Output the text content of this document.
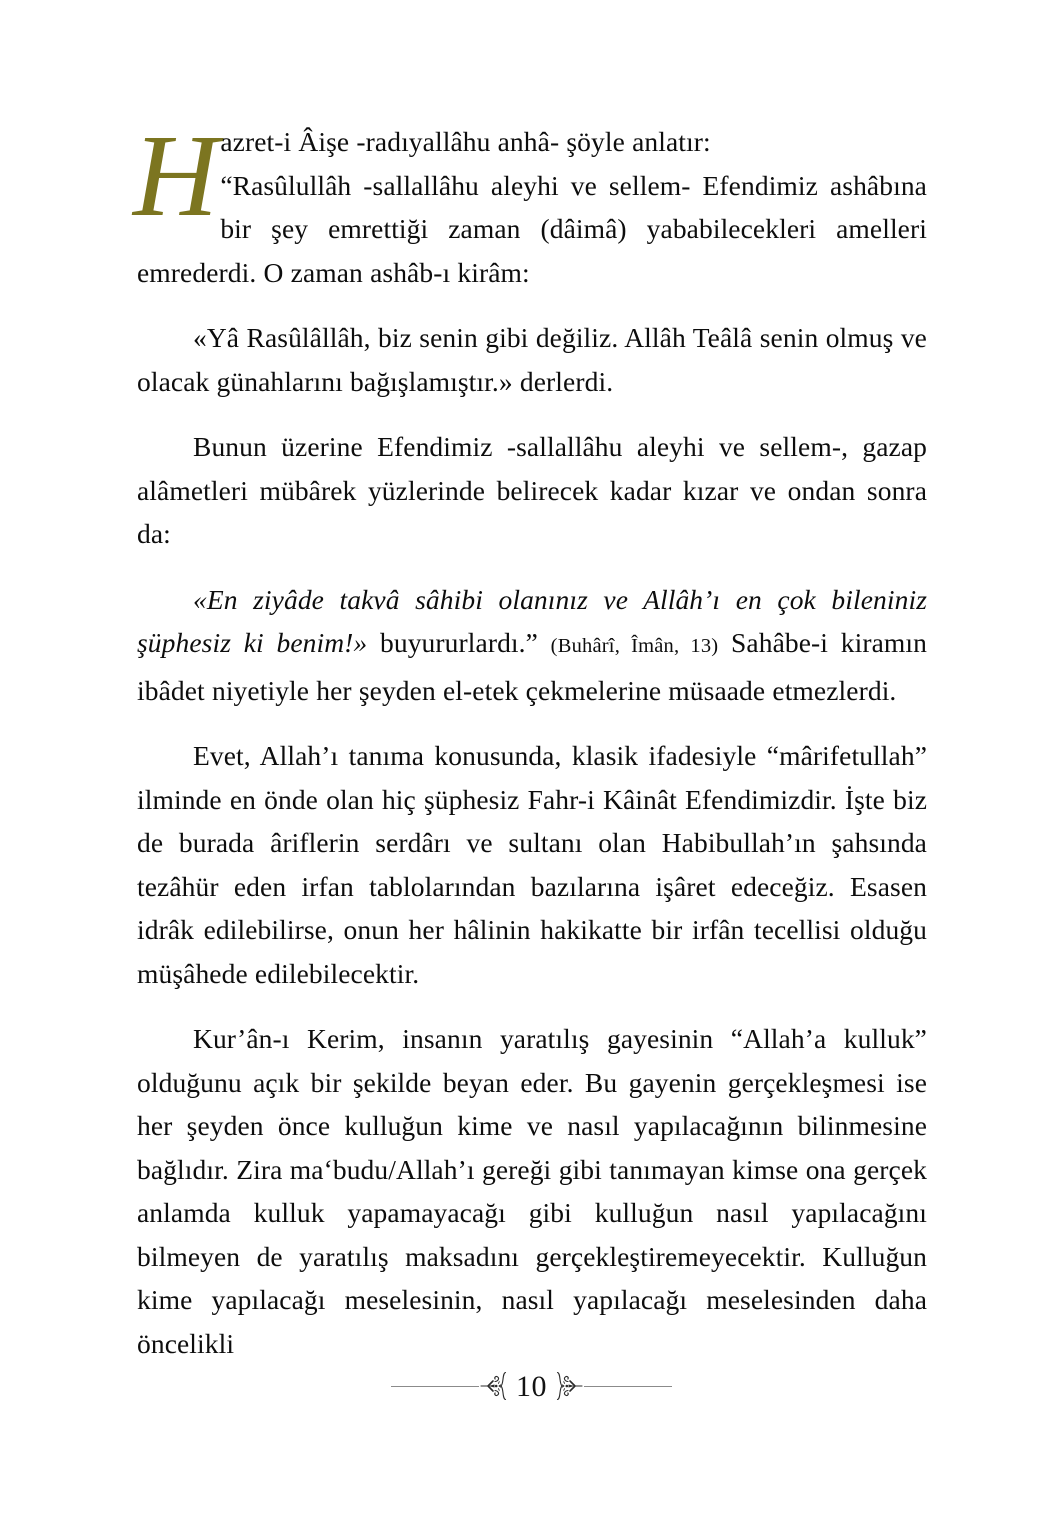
Hazret-i Âişe -radıyallâhu anhâ- şöyle anlatır:
“Rasûlullâh -sallallâhu aleyhi ve sellem- Efendimiz ashâbına bir şey emrettiği zaman (dâimâ) yababilecekleri amelleri emrederdi. O zaman ashâb-ı kirâm:

«Yâ Rasûlâllâh, biz senin gibi değiliz. Allâh Teâlâ senin olmuş ve olacak günahlarını bağışlamıştır.» derlerdi.

Bunun üzerine Efendimiz -sallallâhu aleyhi ve sellem-, gazap alâmetleri mübârek yüzlerinde belirecek kadar kızar ve ondan sonra da:

«En ziyâde takvâ sâhibi olanınız ve Allâh’ı en çok bileniniz şüphesiz ki benim!» buyururlardı.” (Buhârî, Îmân, 13) Sahâbe-i kiramın ibâdet niyetiyle her şeyden el-etek çekmelerine müsaade etmezlerdi.

Evet, Allah’ı tanıma konusunda, klasik ifadesiyle “mârifetullah” ilminde en önde olan hiç şüphesiz Fahr-i Kâinât Efendimizdir. İşte biz de burada âriflerin serdârı ve sultanı olan Habibullah’ın şahsında tezâhür eden irfan tablolarından bazılarına işâret edeceğiz. Esasen idrâk edilebilirse, onun her hâlinin hakikatte bir irfân tecellisi olduğu müşâhede edilebilecektir.

Kur’ân-ı Kerim, insanın yaratılış gayesinin “Allah’a kulluk” olduğunu açık bir şekilde beyan eder. Bu gayenin gerçekleşmesi ise her şeyden önce kulluğun kime ve nasıl yapılacağının bilinmesine bağlıdır. Zira ma‘budu/Allah’ı gereği gibi tanımayan kimse ona gerçek anlamda kulluk yapamayacağı gibi kulluğun nasıl yapılacağını bilmeyen de yaratılış maksadını gerçekleştiremeyecektir. Kulluğun kime yapılacağı meselesinin, nasıl yapılacağı meselesinden daha öncelikli

10
